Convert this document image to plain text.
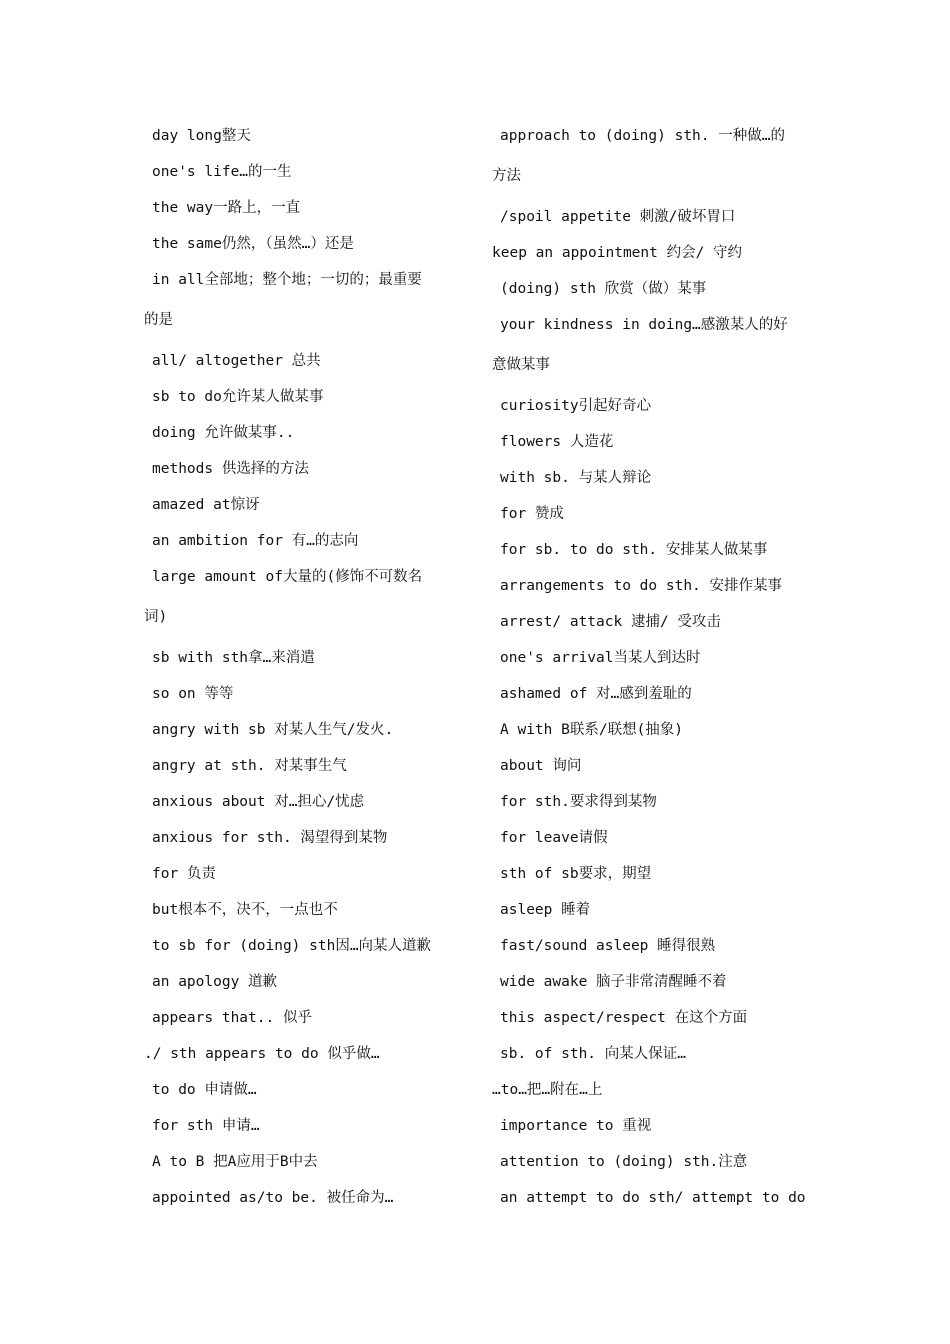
day long整天
one's life…的一生
the way一路上，一直
the same仍然，（虽然…）还是
in all全部地；整个地；一切的；最重要
的是
all/ altogether 总共
sb to do允许某人做某事
doing 允许做某事..
methods 供选择的方法
amazed at惊讶
an ambition for 有…的志向
large amount of大量的(修饰不可数名
词)
sb with sth拿…来消遣
so on 等等
angry with sb 对某人生气/发火.
angry at sth. 对某事生气
anxious about 对…担心/忧虑
anxious for sth. 渴望得到某物
for 负责
but根本不，决不，一点也不
to sb for (doing) sth因…向某人道歉
an apology 道歉
appears that.. 似乎
./ sth appears to do 似乎做…
to do 申请做…
for sth 申请…
A to B 把A应用于B中去
appointed as/to be. 被任命为…
approach to (doing) sth. 一种做…的
方法
/spoil appetite 刺激/破坏胃口
keep an appointment 约会/ 守约
(doing) sth 欣赏（做）某事
your kindness in doing…感激某人的好
意做某事
curiosity引起好奇心
flowers 人造花
with sb. 与某人辩论
for 赞成
for sb. to do sth. 安排某人做某事
arrangements to do sth. 安排作某事
arrest/ attack 逮捕/ 受攻击
one's arrival当某人到达时
ashamed of 对…感到羞耻的
A with B联系/联想(抽象)
about 询问
for sth.要求得到某物
for leave请假
sth of sb要求，期望
asleep 睡着
fast/sound asleep 睡得很熟
wide awake 脑子非常清醒睡不着
this aspect/respect 在这个方面
sb. of sth. 向某人保证…
…to…把…附在…上
importance to 重视
attention to (doing) sth.注意
an attempt to do sth/ attempt to do
